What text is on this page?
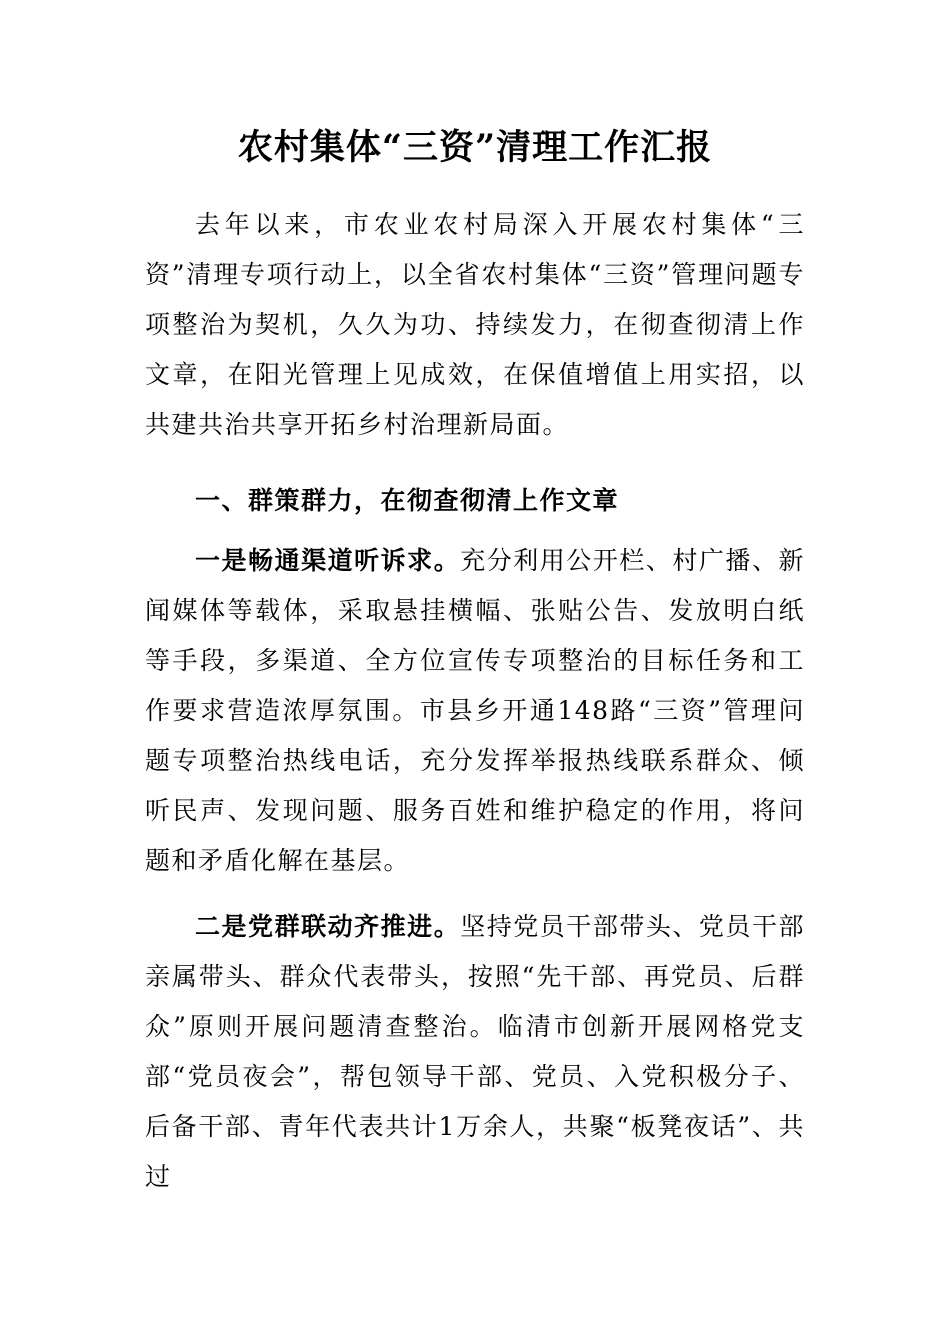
农村集体“三资”清理工作汇报

去年以来，市农业农村局深入开展农村集体“三资”清理专项行动上，以全省农村集体“三资”管理问题专项整治为契机，久久为功、持续发力，在彻查彻清上作文章，在阳光管理上见成效，在保值增值上用实招，以共建共治共享开拓乡村治理新局面。

一、群策群力，在彻查彻清上作文章

一是畅通渠道听诉求。充分利用公开栏、村广播、新闻媒体等载体，采取悬挂横幅、张贴公告、发放明白纸等手段，多渠道、全方位宣传专项整治的目标任务和工作要求营造浓厚氛围。市县乡开通148路“三资”管理问题专项整治热线电话，充分发挥举报热线联系群众、倾听民声、发现问题、服务百姓和维护稳定的作用，将问题和矛盾化解在基层。

二是党群联动齐推进。坚持党员干部带头、党员干部亲属带头、群众代表带头，按照“先干部、再党员、后群众”原则开展问题清查整治。临清市创新开展网格党支部“党员夜会”，帮包领导干部、党员、入党积极分子、后备干部、青年代表共计1万余人，共聚“板凳夜话”、共过
